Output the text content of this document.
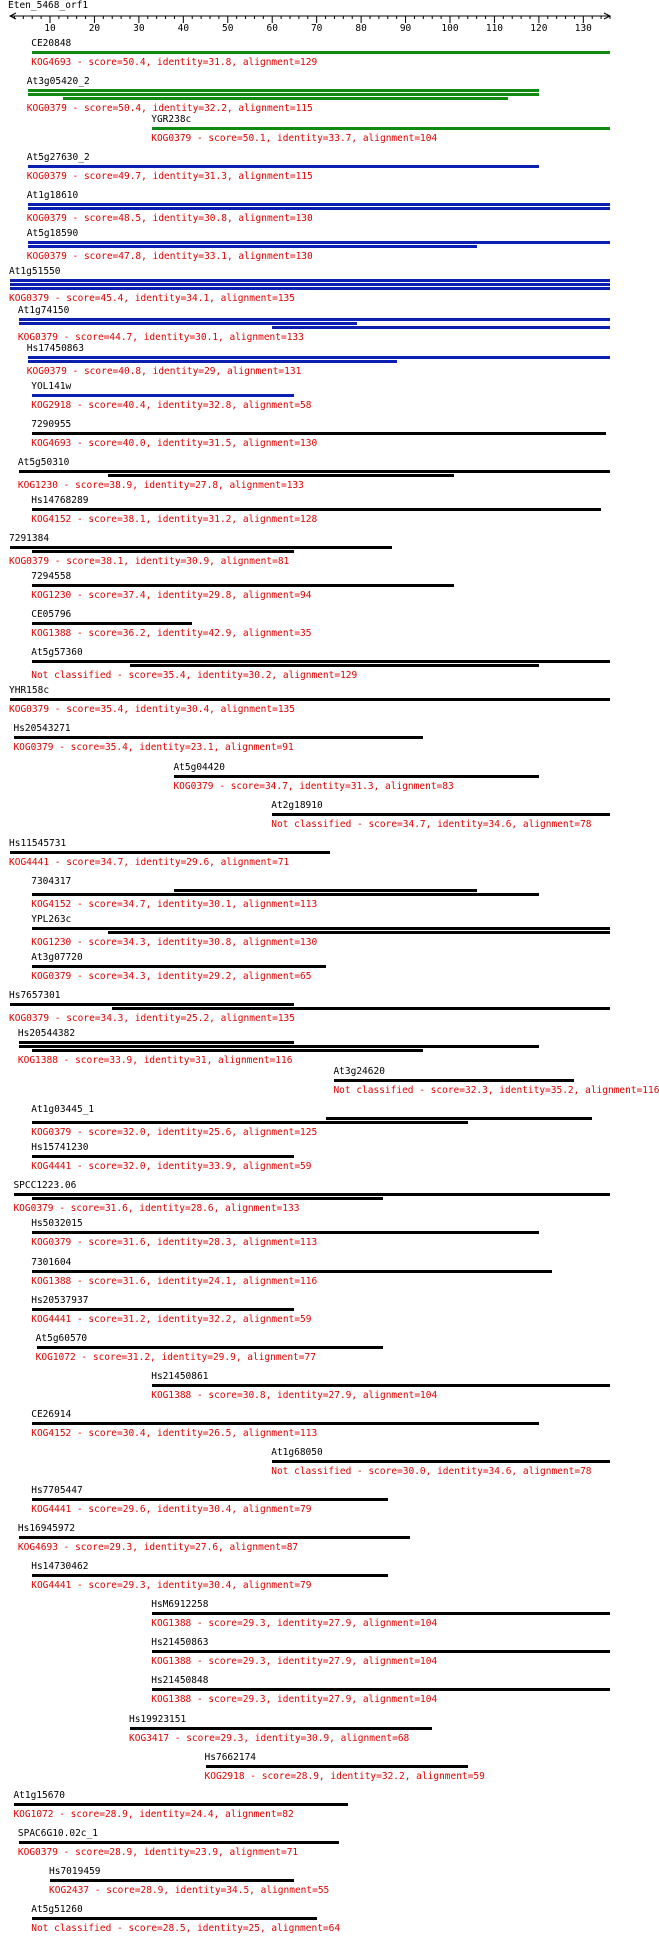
Eten_5468_orf1
10	20	30	40	50	60	70	80	90	100	110	120	130
CE20848
KOG4693 - score=50.4, identity=31.8, alignment=129
At3g05420_2
KOG0379 - score=50.4, identity=32.2, alignment=115
YGR238c
KOG0379 - score=50.1, identity=33.7, alignment=104
At5g27630_2
KOG0379 - score=49.7, identity=31.3, alignment=115
At1g18610
KOG0379 - score=48.5, identity=30.8, alignment=130
At5g18590
KOG0379 - score=47.8, identity=33.1, alignment=130
At1g51550
KOG0379 - score=45.4, identity=34.1, alignment=135
At1g74150
KOG0379 - score=44.7, identity=30.1, alignment=133
Hs17450863
KOG0379 - score=40.8, identity=29, alignment=131
YOL141w
KOG2918 - score=40.4, identity=32.8, alignment=58
7290955
KOG4693 - score=40.0, identity=31.5, alignment=130
At5g50310
KOG1230 - score=38.9, identity=27.8, alignment=133
Hs14768289
KOG4152 - score=38.1, identity=31.2, alignment=128
7291384
KOG0379 - score=38.1, identity=30.9, alignment=81
7294558
KOG1230 - score=37.4, identity=29.8, alignment=94
CE05796
KOG1388 - score=36.2, identity=42.9, alignment=35
At5g57360
Not classified - score=35.4, identity=30.2, alignment=129
YHR158c
KOG0379 - score=35.4, identity=30.4, alignment=135
Hs20543271
KOG0379 - score=35.4, identity=23.1, alignment=91
At5g04420
KOG0379 - score=34.7, identity=31.3, alignment=83
At2g18910
Not classified - score=34.7, identity=34.6, alignment=78
Hs11545731
KOG4441 - score=34.7, identity=29.6, alignment=71
7304317
KOG4152 - score=34.7, identity=30.1, alignment=113
YPL263c
KOG1230 - score=34.3, identity=30.8, alignment=130
At3g07720
KOG0379 - score=34.3, identity=29.2, alignment=65
Hs7657301
KOG0379 - score=34.3, identity=25.2, alignment=135
Hs20544382
KOG1388 - score=33.9, identity=31, alignment=116
At3g24620
Not classified - score=32.3, identity=35.2, alignment=116
At1g03445_1
KOG0379 - score=32.0, identity=25.6, alignment=125
Hs15741230
KOG4441 - score=32.0, identity=33.9, alignment=59
SPCC1223.06
KOG0379 - score=31.6, identity=28.6, alignment=133
Hs5032015
KOG0379 - score=31.6, identity=28.3, alignment=113
7301604
KOG1388 - score=31.6, identity=24.1, alignment=116
Hs20537937
KOG4441 - score=31.2, identity=32.2, alignment=59
At5g60570
KOG1072 - score=31.2, identity=29.9, alignment=77
Hs21450861
KOG1388 - score=30.8, identity=27.9, alignment=104
CE26914
KOG4152 - score=30.4, identity=26.5, alignment=113
At1g68050
Not classified - score=30.0, identity=34.6, alignment=78
Hs7705447
KOG4441 - score=29.6, identity=30.4, alignment=79
Hs16945972
KOG4693 - score=29.3, identity=27.6, alignment=87
Hs14730462
KOG4441 - score=29.3, identity=30.4, alignment=79
HsM6912258
KOG1388 - score=29.3, identity=27.9, alignment=104
Hs21450863
KOG1388 - score=29.3, identity=27.9, alignment=104
Hs21450848
KOG1388 - score=29.3, identity=27.9, alignment=104
Hs19923151
KOG3417 - score=29.3, identity=30.9, alignment=68
Hs7662174
KOG2918 - score=28.9, identity=32.2, alignment=59
At1g15670
KOG1072 - score=28.9, identity=24.4, alignment=82
SPAC6G10.02c_1
KOG0379 - score=28.9, identity=23.9, alignment=71
Hs7019459
KOG2437 - score=28.9, identity=34.5, alignment=55
At5g51260
Not classified - score=28.5, identity=25, alignment=64
